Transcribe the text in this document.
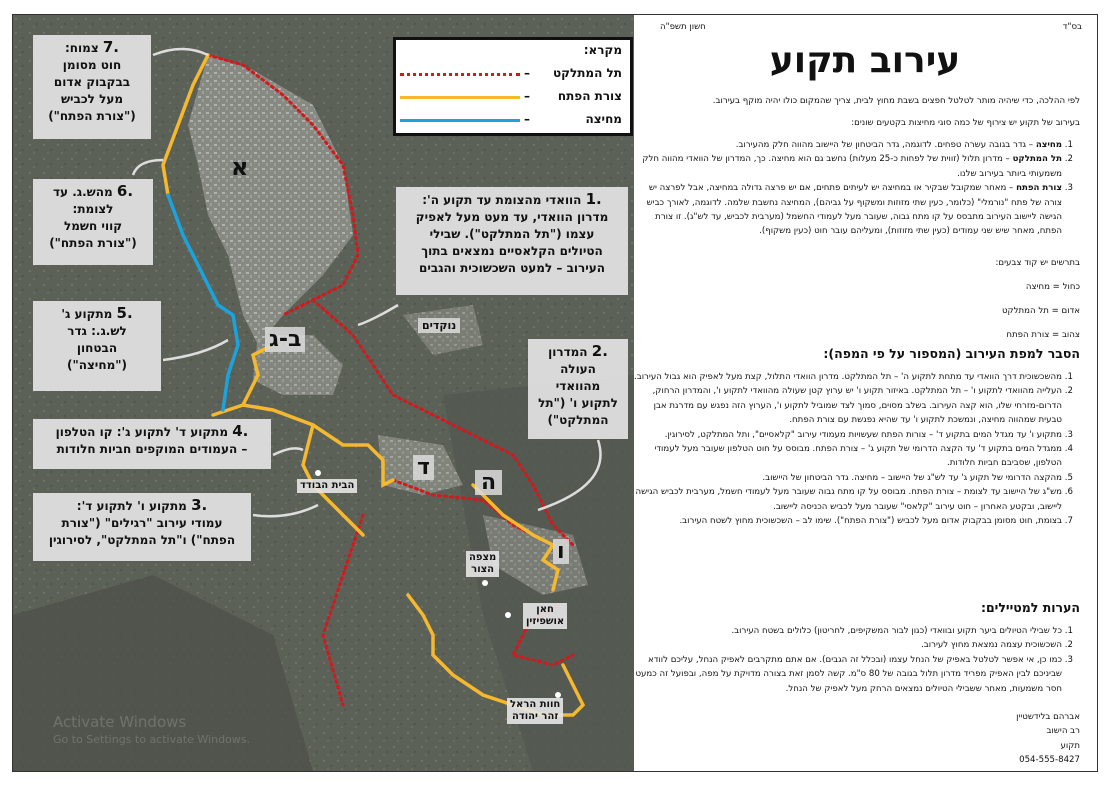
מקרא:
תל המתלקט
–
צורת הפתח
–
מחיצה
–
א
ב-ג
ד
ה
ו
נוקדים
הבית הבודד
מצפה
הצור
חאן
אושפיזין
חוות הראל
זהר יהודה
.7 צמוח:
חוט מסומן
בבקבוק אדום
מעל לכביש
("צורת הפתח")
.6 מהש.ג. עד
לצומת:
קווי חשמל
("צורת הפתח")
.5 מתקוע ג'
לש.ג.: גדר
הבטחון
("מחיצה")
.4 מתקוע ד' לתקוע ג': קו הטלפון
– העמודים המוקפים חביות חלודות
.3 מתקוע ו' לתקוע ד':
עמודי עירוב "רגילים" ("צורת
הפתח") ו"תל המתלקט", לסירוגין
.1 הוואדי מהצומת עד תקוע ה':
מדרון הוואדי, עד מעט מעל לאפיק
עצמו ("תל המתלקט"). שבילי
הטיולים הקלאסיים נמצאים בתוך
העירוב – למעט השכשוכית והגבים
.2 המדרון
העולה
מהוואדי
לתקוע ו' ("תל
המתלקט")
Activate Windows
Go to Settings to activate Windows.
בס"ד
חשון תשפ"ה
עירוב תקוע
לפי ההלכה, כדי שיהיה מותר לטלטל חפצים בשבת מחוץ לבית, צריך שהמקום כולו יהיה מוקף בעירוב.
בעירוב של תקוע יש צירוף של כמה סוגי מחיצות בקטעים שונים:
1. מחיצה – גדר בגובה עשרה טפחים. לדוגמה, גדר הביטחון של היישוב מהווה חלק מהעירוב.
2. תל המתלקט – מדרון תלול (זווית של לפחות כ-25 מעלות) נחשב גם הוא מחיצה. כך, המדרון של הוואדי מהווה חלק משמעותי ביותר בעירוב שלנו.
3. צורת הפתח – מאחר שמקובל שבקיר או במחיצה יש לעיתים פתחים, אם יש פרצה גדולה במחיצה, אבל לפרצה יש צורה של פתח "נורמלי" (כלומר, כעין שתי מזוזות ומשקוף על גביהם), המחיצה נחשבת שלמה. לדוגמה, לאורך כביש הגישה ליישוב העירוב מתבסס על קו מתח גבוה, שעובר מעל לעמודי החשמל (מערבית לכביש, עד לש"ג). זו צורת הפתח, מאחר שיש שני עמודים (כעין שתי מזוזות), ומעליהם עובר חוט (כעין משקוף).
בתרשים יש קוד צבעים:
כחול = מחיצה
אדום = תל המתלקט
צהוב = צורת הפתח
הסבר למפת העירוב (המספור על פי המפה):
1. מהשכשוכית דרך הוואדי עד מתחת לתקוע ה' – תל המתלקט. מדרון הוואדי התלול, קצת מעל לאפיק הוא גבול העירוב.
2. העלייה מהוואדי לתקוע ו' – תל המתלקט. באיזור תקוע ו' יש ערוץ קטן שעולה מהוואדי לתקוע ו', והמדרון הרחוק, הדרום-מזרחי שלו, הוא קצה העירוב. בשלב מסוים, סמוך לצד שמוביל לתקוע ו', הערוץ הזה נפגש עם מדרגת אבן טבעית שמהווה מחיצה, ונמשכת לתקוע ו' עד שהיא נפגשת עם צורת הפתח.
3. מתקוע ו' עד מגדל המים בתקוע ד' – צורות הפתח שעשויות מעמודי עירוב "קלאסיים", ותל המתלקט, לסירוגין.
4. ממגדל המים בתקוע ד' עד הקצה הדרומי של תקוע ג' – צורת הפתח. מבוסס על חוט הטלפון שעובר מעל לעמודי הטלפון, שסביבם חביות חלודות.
5. מהקצה הדרומי של תקוע ג' עד לש"ג של היישוב – מחיצה. גדר הביטחון של היישוב.
6. מש"ג של היישוב עד לצומת – צורת הפתח. מבוסס על קו מתח גבוה שעובר מעל לעמודי חשמל, מערבית לכביש הגישה ליישוב, ובקטע האחרון – חוט עירוב "קלאסי" שעובר מעל לכביש הכניסה ליישוב.
7. בצומת, חוט מסומן בבקבוק אדום מעל לכביש ("צורת הפתח"). שימו לב – השכשוכית מחוץ לשטח העירוב.
הערות למטיילים:
1. כל שבילי הטיולים ביער תקוע ובוואדי (כגון לבור המשקיפים, לחריטון) כלולים בשטח העירוב.
2. השכשוכית עצמה נמצאת מחוץ לעירוב.
3. כמו כן, אי אפשר לטלטל באפיק של הנחל עצמו (ובכלל זה הגבים). אם אתם מתקרבים לאפיק הנחל, עליכם לוודא שביניכם לבין האפיק מפריד מדרון תלול בגובה של 80 ס"מ. קשה לסמן זאת בצורה מדויקת על מפה, ובפועל זה כמעט חסר משמעות, מאחר ששבילי הטיולים נמצאים הרחק מעל לאפיק של הנחל.
אברהם בלידשטיין
רב הישוב
תקוע
054-555-8427
